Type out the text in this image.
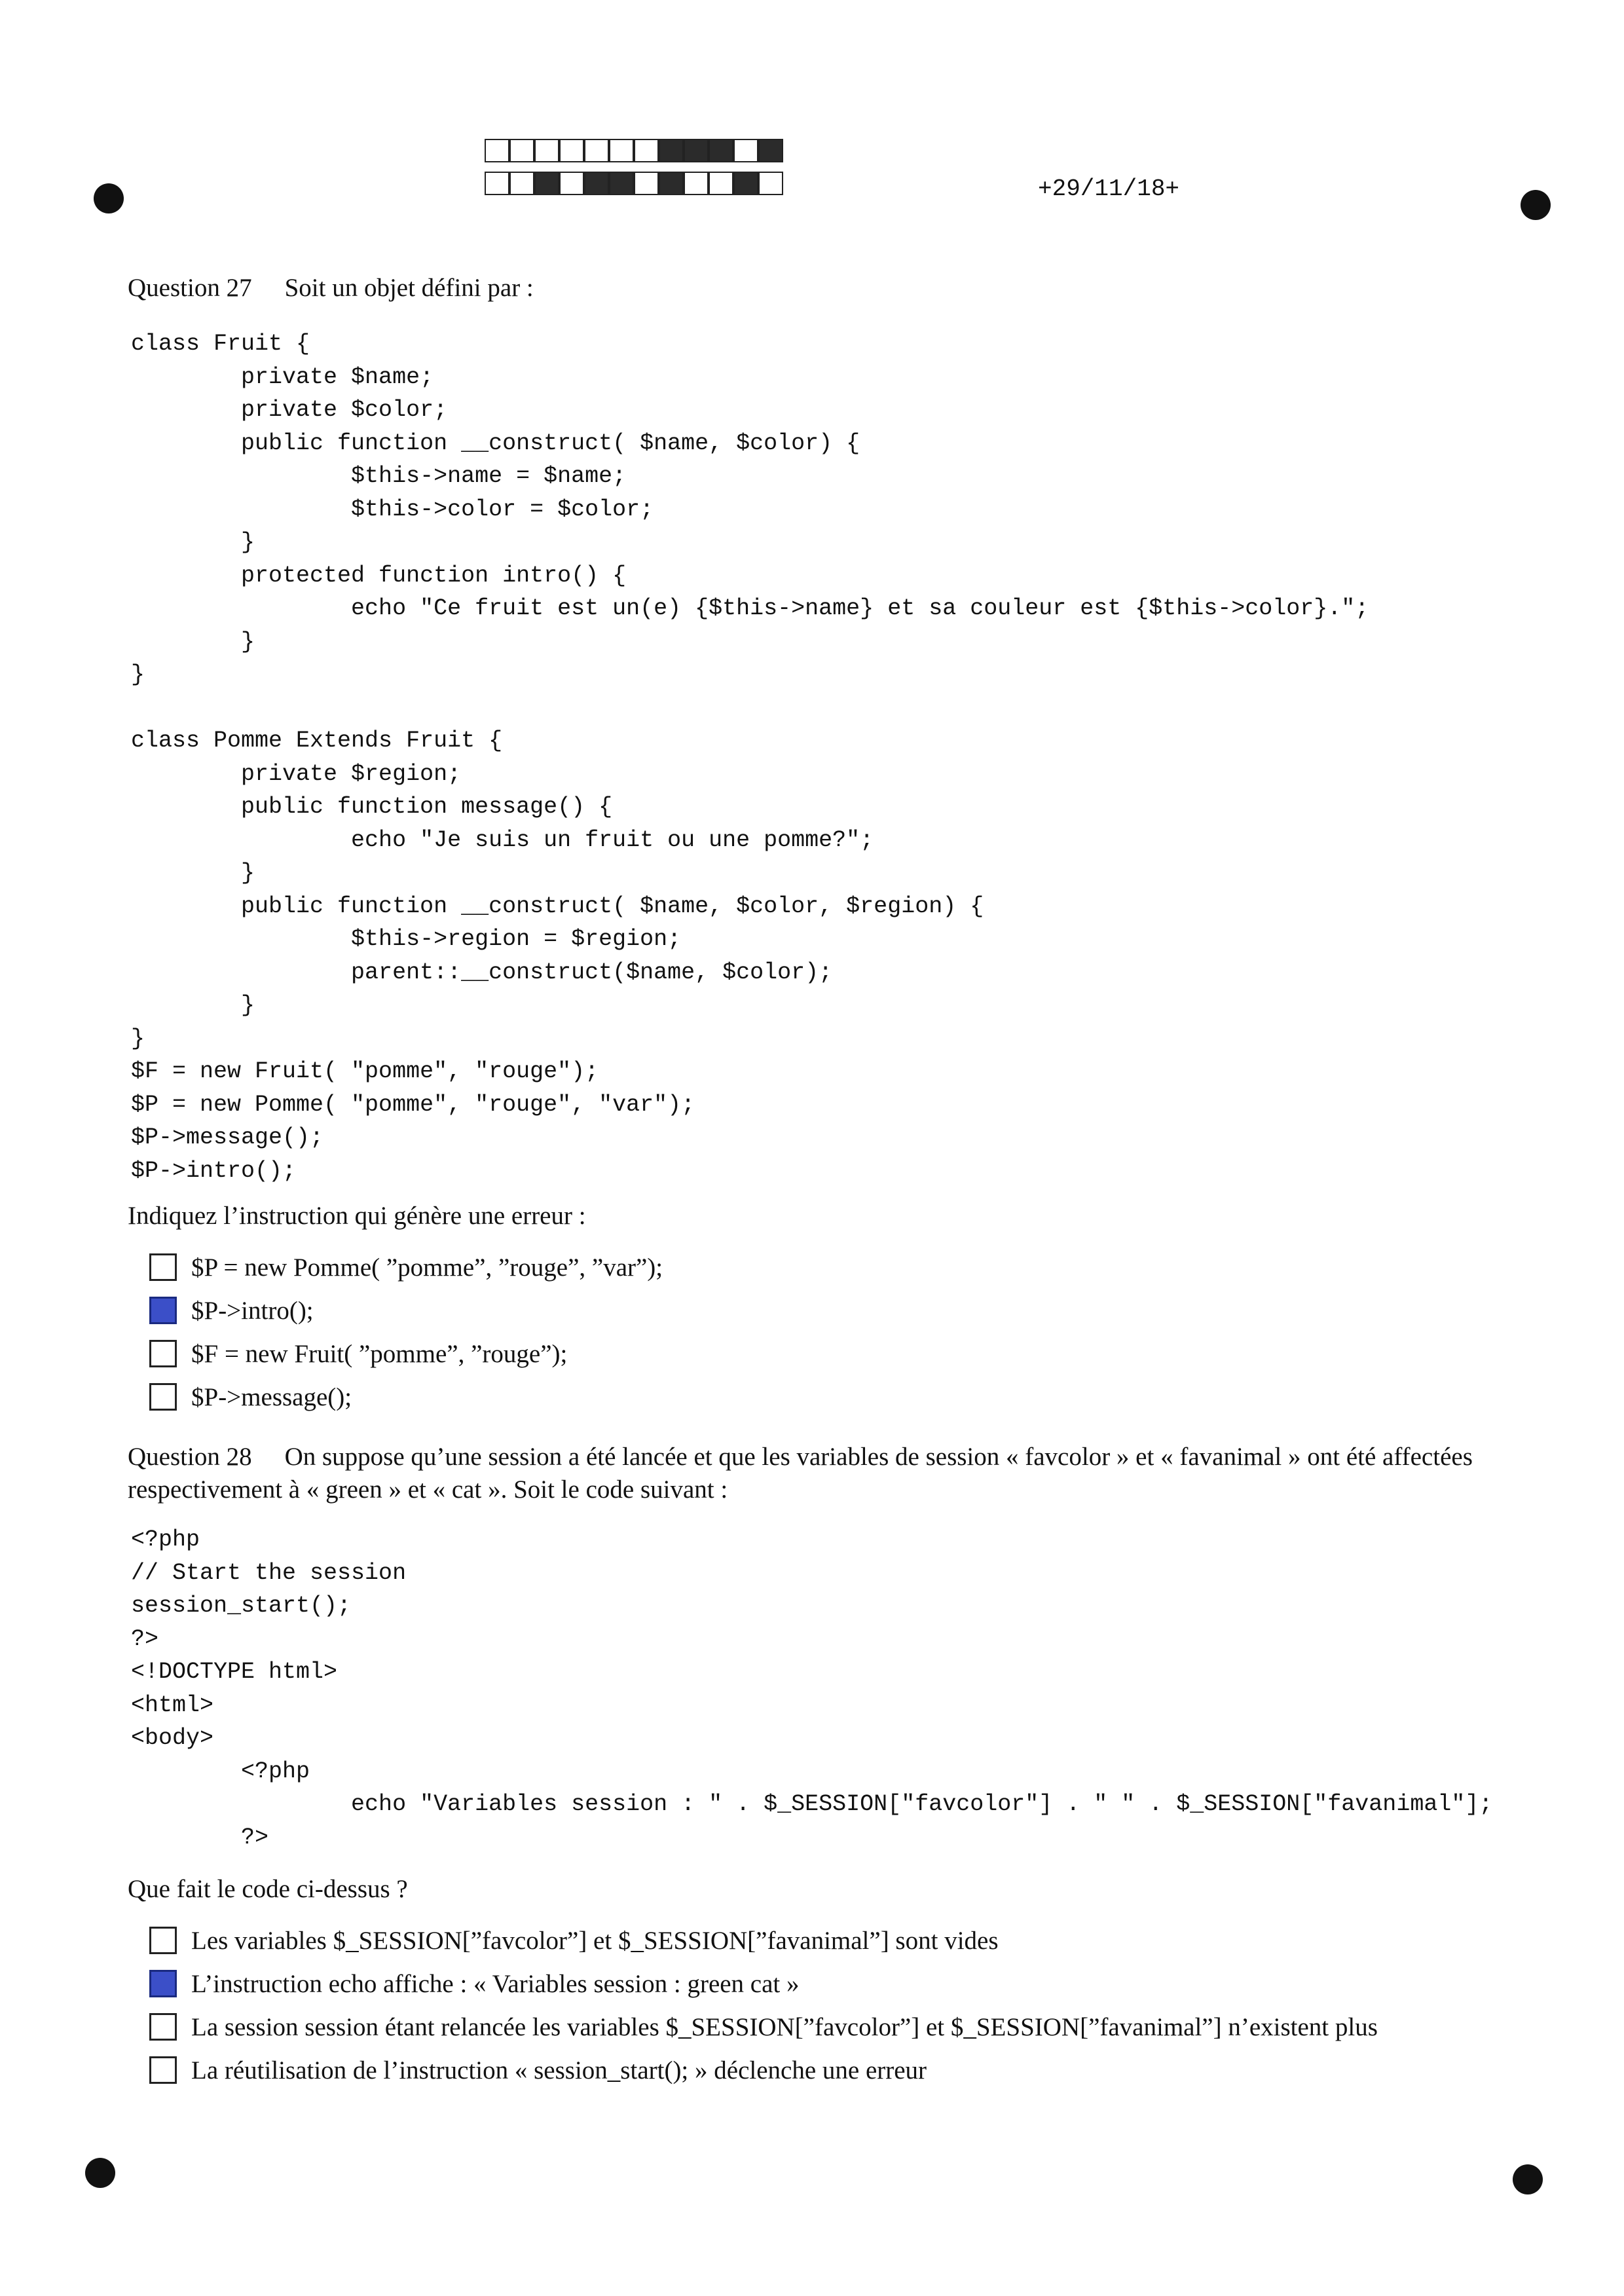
+29/11/18+
Question 27 Soit un objet défini par :
class Fruit {
private $name;
private $color;
public function __construct( $name, $color) {
$this->name = $name;
$this->color = $color;
}
protected function intro() {
echo "Ce fruit est un(e) {$this->name} et sa couleur est {$this->color}.";
}
}

class Pomme Extends Fruit {
private $region;
public function message() {
echo "Je suis un fruit ou une pomme?";
}
public function __construct( $name, $color, $region) {
$this->region = $region;
parent::__construct($name, $color);
}
}
$F = new Fruit( "pomme", "rouge");
$P = new Pomme( "pomme", "rouge", "var");
$P->message();
$P->intro();
Indiquez l’instruction qui génère une erreur :
$P = new Pomme( ”pomme”, ”rouge”, ”var”);
$P->intro();
$F = new Fruit( ”pomme”, ”rouge”);
$P->message();
Question 28 On suppose qu’une session a été lancée et que les variables de session « favcolor » et « favanimal » ont été affectées respectivement à « green » et « cat ». Soit le code suivant :
<?php
// Start the session
session_start();
?>
<!DOCTYPE html>
<html>
<body>
<?php
echo "Variables session : " . $_SESSION["favcolor"] . " " . $_SESSION["favanimal"];
?>
Que fait le code ci-dessus ?
Les variables $_SESSION[”favcolor”] et $_SESSION[”favanimal”] sont vides
L’instruction echo affiche : « Variables session : green cat »
La session session étant relancée les variables $_SESSION[”favcolor”] et $_SESSION[”favanimal”] n’existent plus
La réutilisation de l’instruction « session_start(); » déclenche une erreur
